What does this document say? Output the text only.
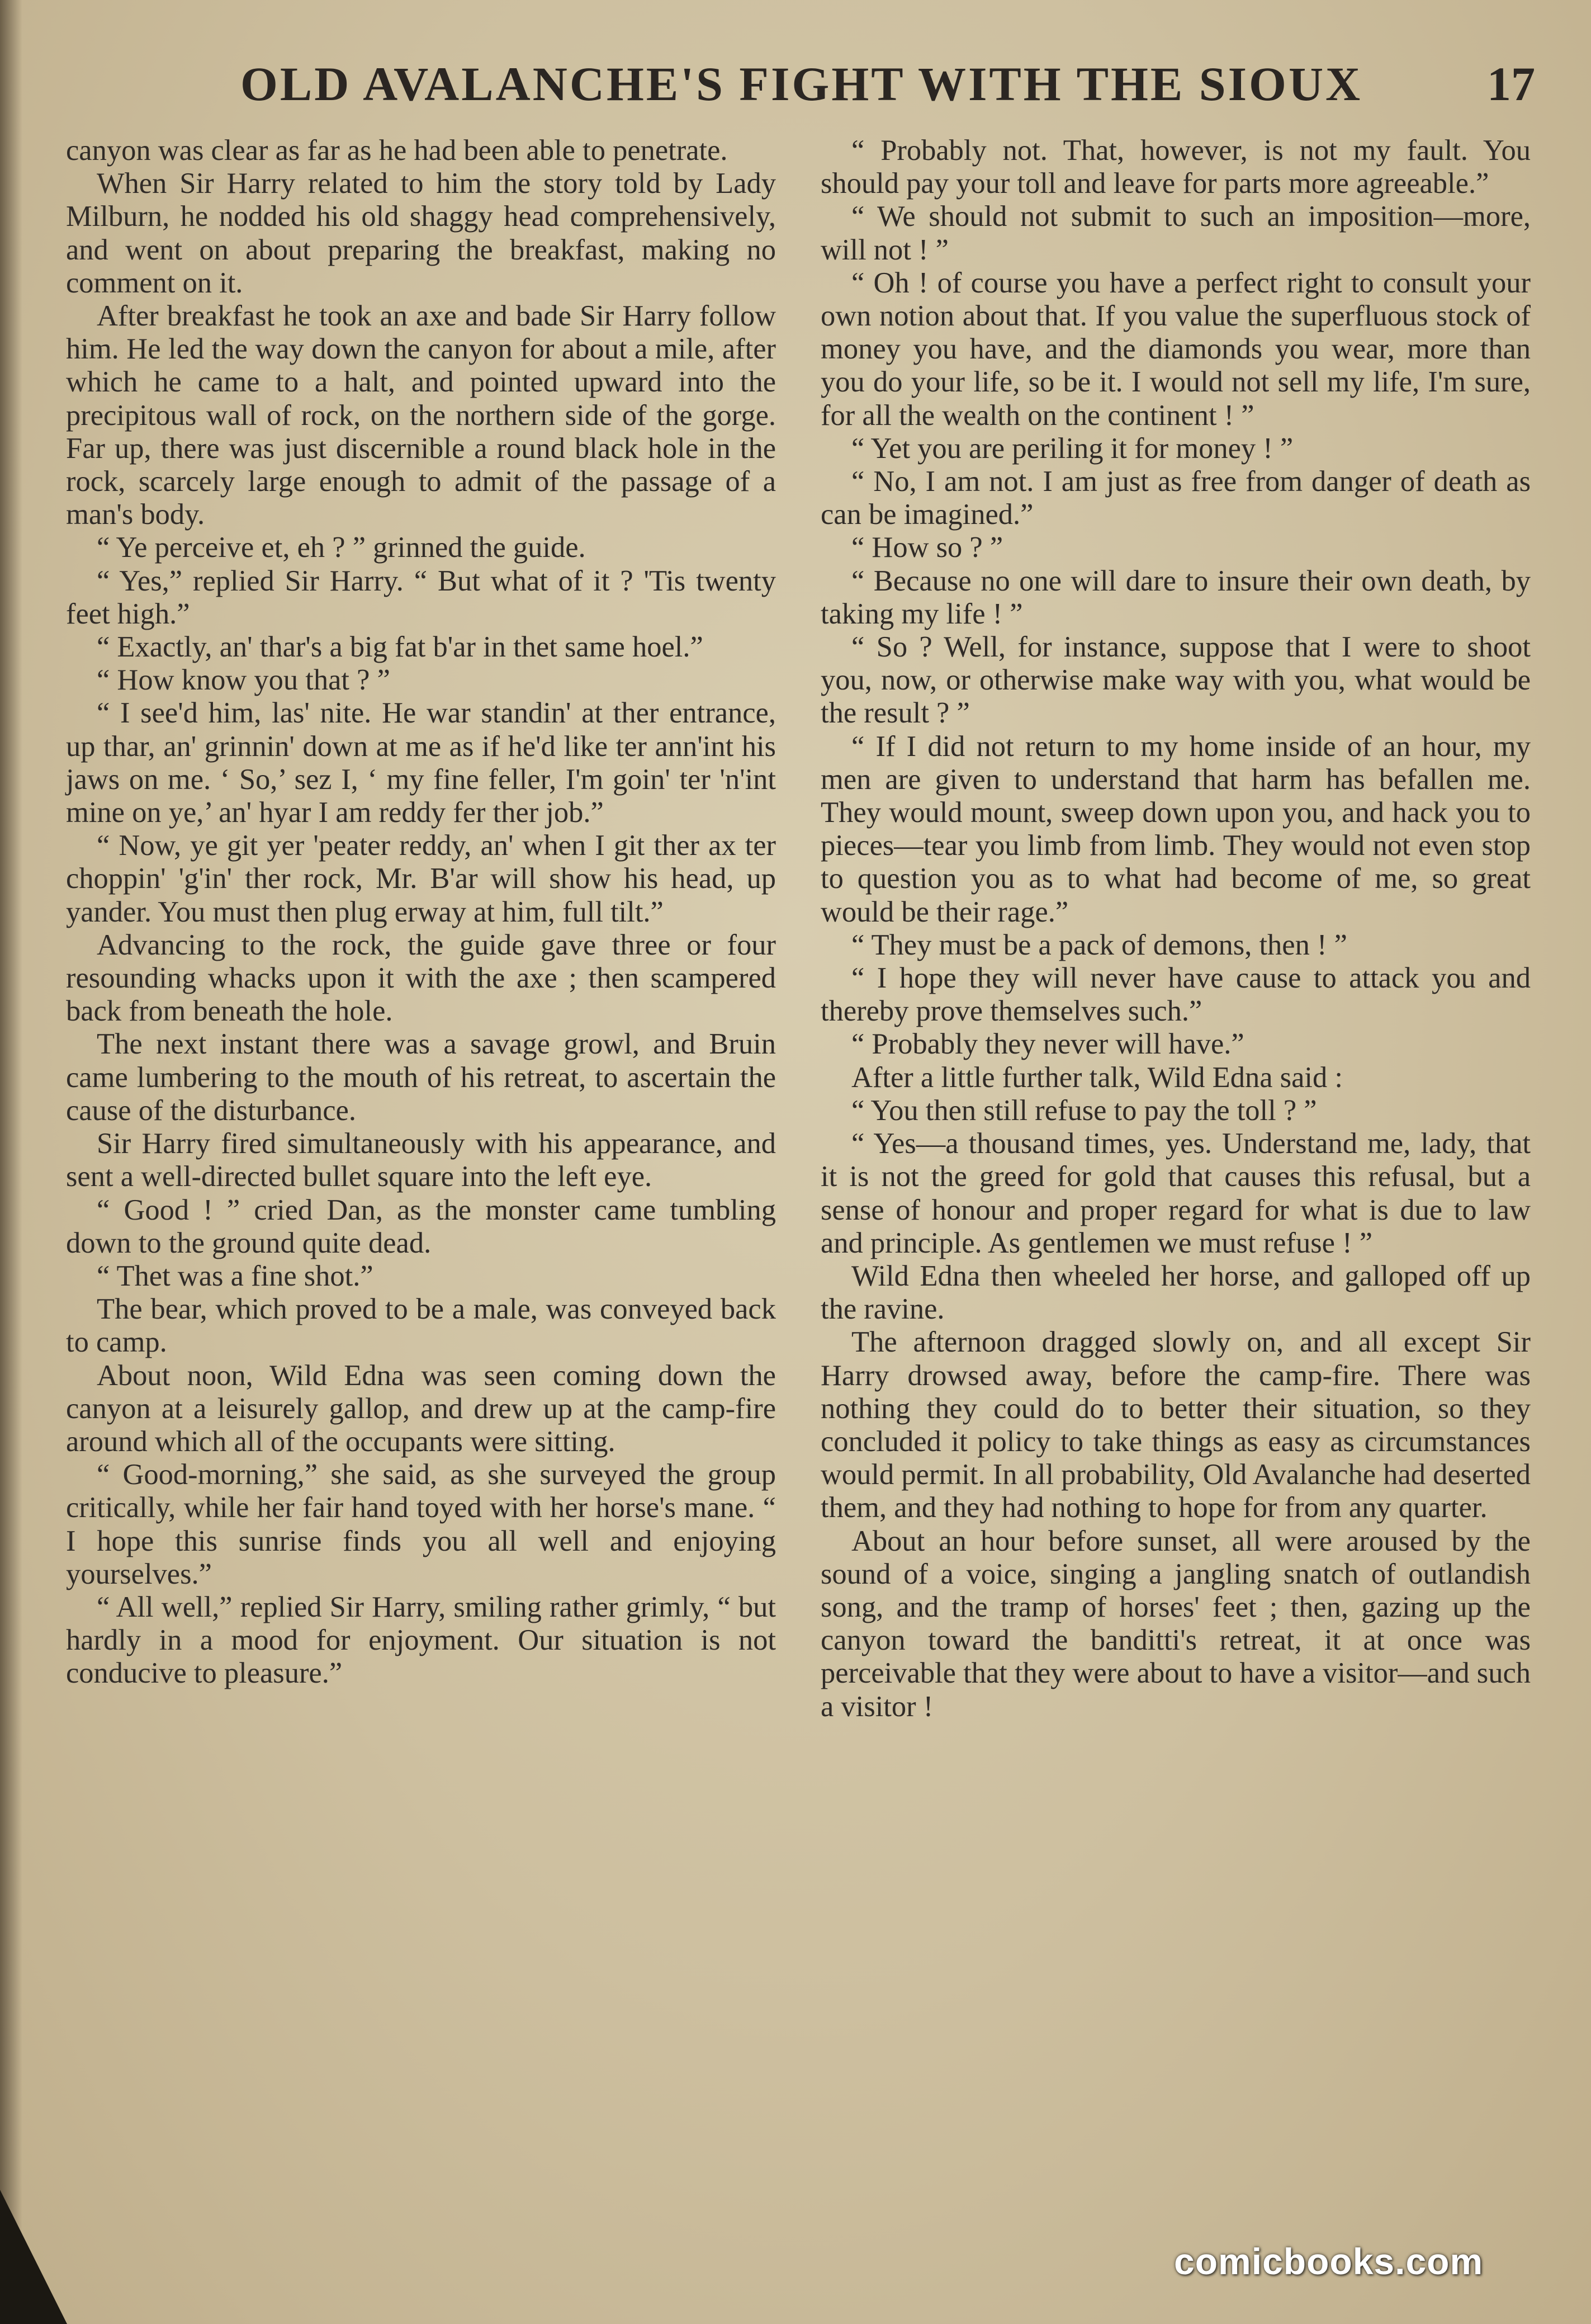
OLD AVALANCHE'S FIGHT WITH THE SIOUX	17

canyon was clear as far as he had been able to penetrate.

When Sir Harry related to him the story told by Lady Milburn, he nodded his old shaggy head comprehensively, and went on about preparing the breakfast, making no comment on it.

After breakfast he took an axe and bade Sir Harry follow him. He led the way down the canyon for about a mile, after which he came to a halt, and pointed upward into the precipitous wall of rock, on the northern side of the gorge. Far up, there was just discernible a round black hole in the rock, scarcely large enough to admit of the passage of a man's body.

“ Ye perceive et, eh ? ” grinned the guide.

“ Yes,” replied Sir Harry. “ But what of it ? 'Tis twenty feet high.”

“ Exactly, an' thar's a big fat b'ar in thet same hoel.”

“ How know you that ? ”

“ I see'd him, las' nite. He war standin' at ther entrance, up thar, an' grinnin' down at me as if he'd like ter ann'int his jaws on me. ‘ So,’ sez I, ‘ my fine feller, I'm goin' ter 'n'int mine on ye,’ an' hyar I am reddy fer ther job.”

“ Now, ye git yer 'peater reddy, an' when I git ther ax ter choppin' 'g'in' ther rock, Mr. B'ar will show his head, up yander. You must then plug erway at him, full tilt.”

Advancing to the rock, the guide gave three or four resounding whacks upon it with the axe ; then scampered back from beneath the hole.

The next instant there was a savage growl, and Bruin came lumbering to the mouth of his retreat, to ascertain the cause of the disturbance.

Sir Harry fired simultaneously with his appearance, and sent a well-directed bullet square into the left eye.

“ Good ! ” cried Dan, as the monster came tumbling down to the ground quite dead.

“ Thet was a fine shot.”

The bear, which proved to be a male, was conveyed back to camp.

About noon, Wild Edna was seen coming down the canyon at a leisurely gallop, and drew up at the camp-fire around which all of the occupants were sitting.

“ Good-morning,” she said, as she surveyed the group critically, while her fair hand toyed with her horse's mane. “ I hope this sunrise finds you all well and enjoying yourselves.”

“ All well,” replied Sir Harry, smiling rather grimly, “ but hardly in a mood for enjoyment. Our situation is not conducive to pleasure.”

“ Probably not. That, however, is not my fault. You should pay your toll and leave for parts more agreeable.”

“ We should not submit to such an imposition—more, will not ! ”

“ Oh ! of course you have a perfect right to consult your own notion about that. If you value the superfluous stock of money you have, and the diamonds you wear, more than you do your life, so be it. I would not sell my life, I'm sure, for all the wealth on the continent ! ”

“ Yet you are periling it for money ! ”

“ No, I am not. I am just as free from danger of death as can be imagined.”

“ How so ? ”

“ Because no one will dare to insure their own death, by taking my life ! ”

“ So ? Well, for instance, suppose that I were to shoot you, now, or otherwise make way with you, what would be the result ? ”

“ If I did not return to my home inside of an hour, my men are given to understand that harm has befallen me. They would mount, sweep down upon you, and hack you to pieces—tear you limb from limb. They would not even stop to question you as to what had become of me, so great would be their rage.”

“ They must be a pack of demons, then ! ”

“ I hope they will never have cause to attack you and thereby prove themselves such.”

“ Probably they never will have.”

After a little further talk, Wild Edna said :

“ You then still refuse to pay the toll ? ”

“ Yes—a thousand times, yes. Understand me, lady, that it is not the greed for gold that causes this refusal, but a sense of honour and proper regard for what is due to law and principle. As gentlemen we must refuse ! ”

Wild Edna then wheeled her horse, and galloped off up the ravine.

The afternoon dragged slowly on, and all except Sir Harry drowsed away, before the camp-fire. There was nothing they could do to better their situation, so they concluded it policy to take things as easy as circumstances would permit. In all probability, Old Avalanche had deserted them, and they had nothing to hope for from any quarter.

About an hour before sunset, all were aroused by the sound of a voice, singing a jangling snatch of outlandish song, and the tramp of horses' feet ; then, gazing up the canyon toward the banditti's retreat, it at once was perceivable that they were about to have a visitor—and such a visitor !

comicbooks.com
